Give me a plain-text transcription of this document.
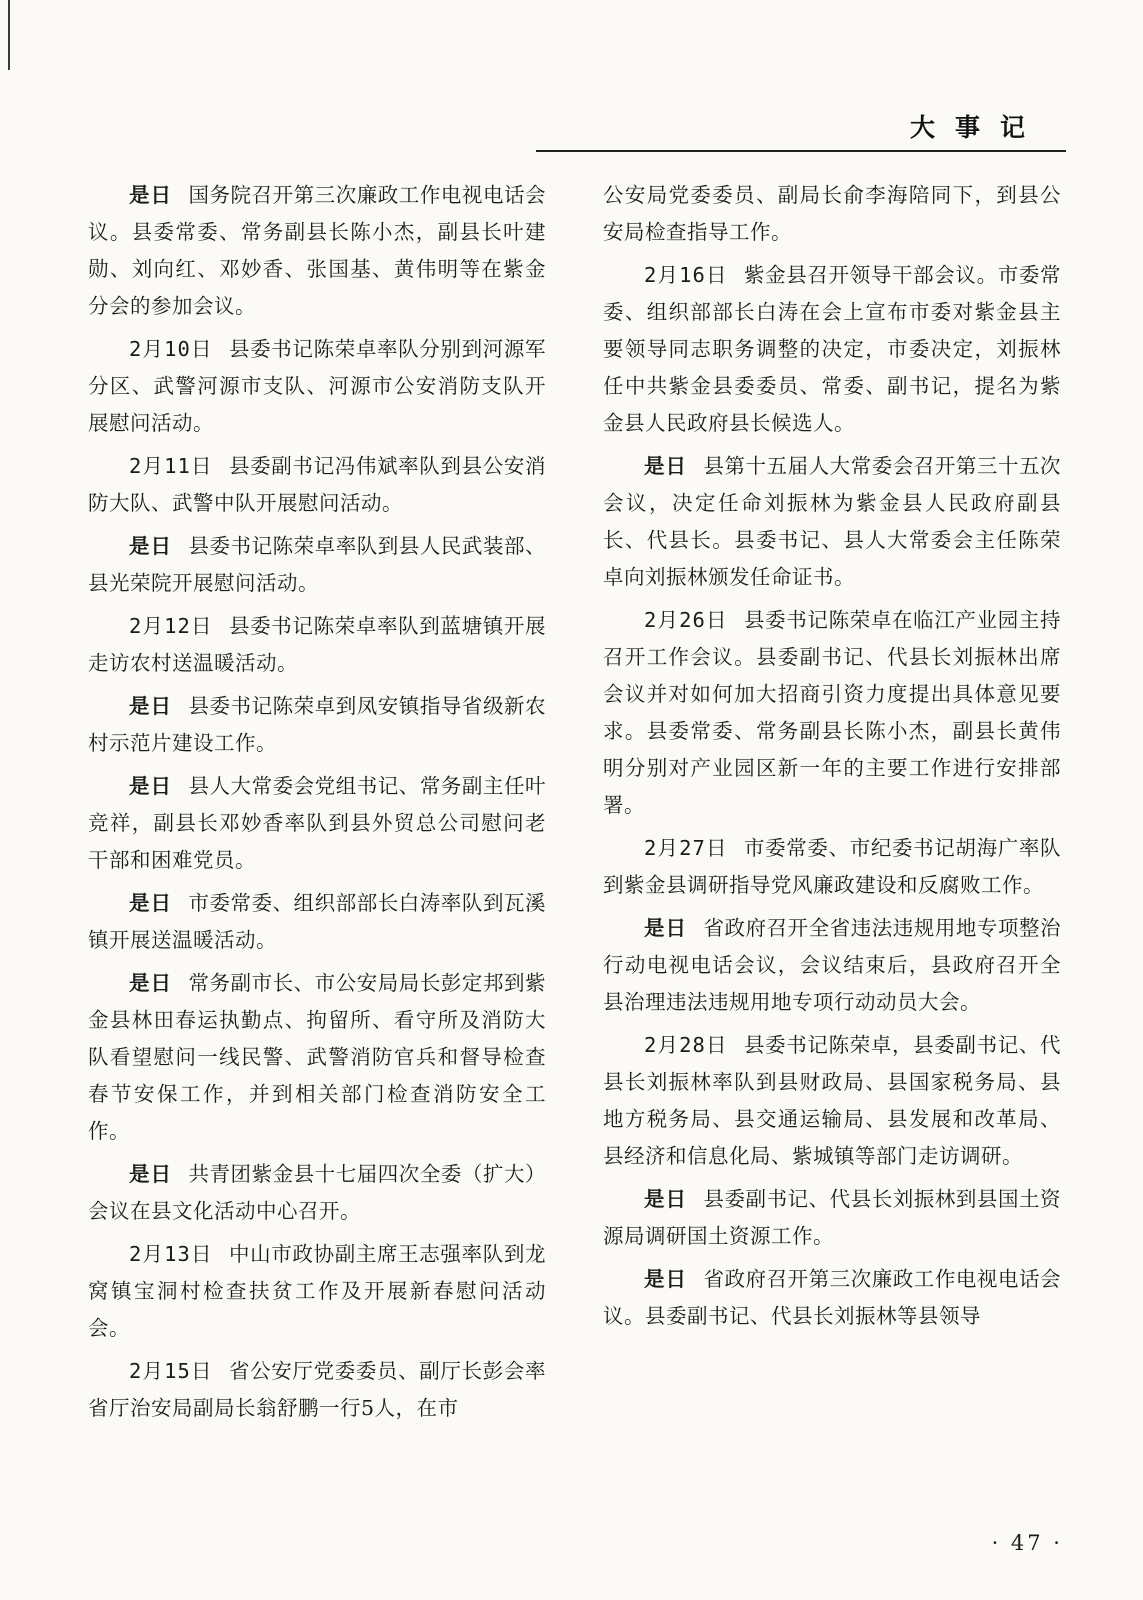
大事记

是日 国务院召开第三次廉政工作电视电话会议。县委常委、常务副县长陈小杰，副县长叶建勋、刘向红、邓妙香、张国基、黄伟明等在紫金分会的参加会议。

2月10日 县委书记陈荣卓率队分别到河源军分区、武警河源市支队、河源市公安消防支队开展慰问活动。

2月11日 县委副书记冯伟斌率队到县公安消防大队、武警中队开展慰问活动。

是日 县委书记陈荣卓率队到县人民武装部、县光荣院开展慰问活动。

2月12日 县委书记陈荣卓率队到蓝塘镇开展走访农村送温暖活动。

是日 县委书记陈荣卓到凤安镇指导省级新农村示范片建设工作。

是日 县人大常委会党组书记、常务副主任叶竞祥，副县长邓妙香率队到县外贸总公司慰问老干部和困难党员。

是日 市委常委、组织部部长白涛率队到瓦溪镇开展送温暖活动。

是日 常务副市长、市公安局局长彭定邦到紫金县林田春运执勤点、拘留所、看守所及消防大队看望慰问一线民警、武警消防官兵和督导检查春节安保工作，并到相关部门检查消防安全工作。

是日 共青团紫金县十七届四次全委（扩大）会议在县文化活动中心召开。

2月13日 中山市政协副主席王志强率队到龙窝镇宝洞村检查扶贫工作及开展新春慰问活动会。

2月15日 省公安厅党委委员、副厅长彭会率省厅治安局副局长翁舒鹏一行5人，在市

公安局党委委员、副局长俞李海陪同下，到县公安局检查指导工作。

2月16日 紫金县召开领导干部会议。市委常委、组织部部长白涛在会上宣布市委对紫金县主要领导同志职务调整的决定，市委决定，刘振林任中共紫金县委委员、常委、副书记，提名为紫金县人民政府县长候选人。

是日 县第十五届人大常委会召开第三十五次会议，决定任命刘振林为紫金县人民政府副县长、代县长。县委书记、县人大常委会主任陈荣卓向刘振林颁发任命证书。

2月26日 县委书记陈荣卓在临江产业园主持召开工作会议。县委副书记、代县长刘振林出席会议并对如何加大招商引资力度提出具体意见要求。县委常委、常务副县长陈小杰，副县长黄伟明分别对产业园区新一年的主要工作进行安排部署。

2月27日 市委常委、市纪委书记胡海广率队到紫金县调研指导党风廉政建设和反腐败工作。

是日 省政府召开全省违法违规用地专项整治行动电视电话会议，会议结束后，县政府召开全县治理违法违规用地专项行动动员大会。

2月28日 县委书记陈荣卓，县委副书记、代县长刘振林率队到县财政局、县国家税务局、县地方税务局、县交通运输局、县发展和改革局、县经济和信息化局、紫城镇等部门走访调研。

是日 县委副书记、代县长刘振林到县国土资源局调研国土资源工作。

是日 省政府召开第三次廉政工作电视电话会议。县委副书记、代县长刘振林等县领导

· 47 ·
